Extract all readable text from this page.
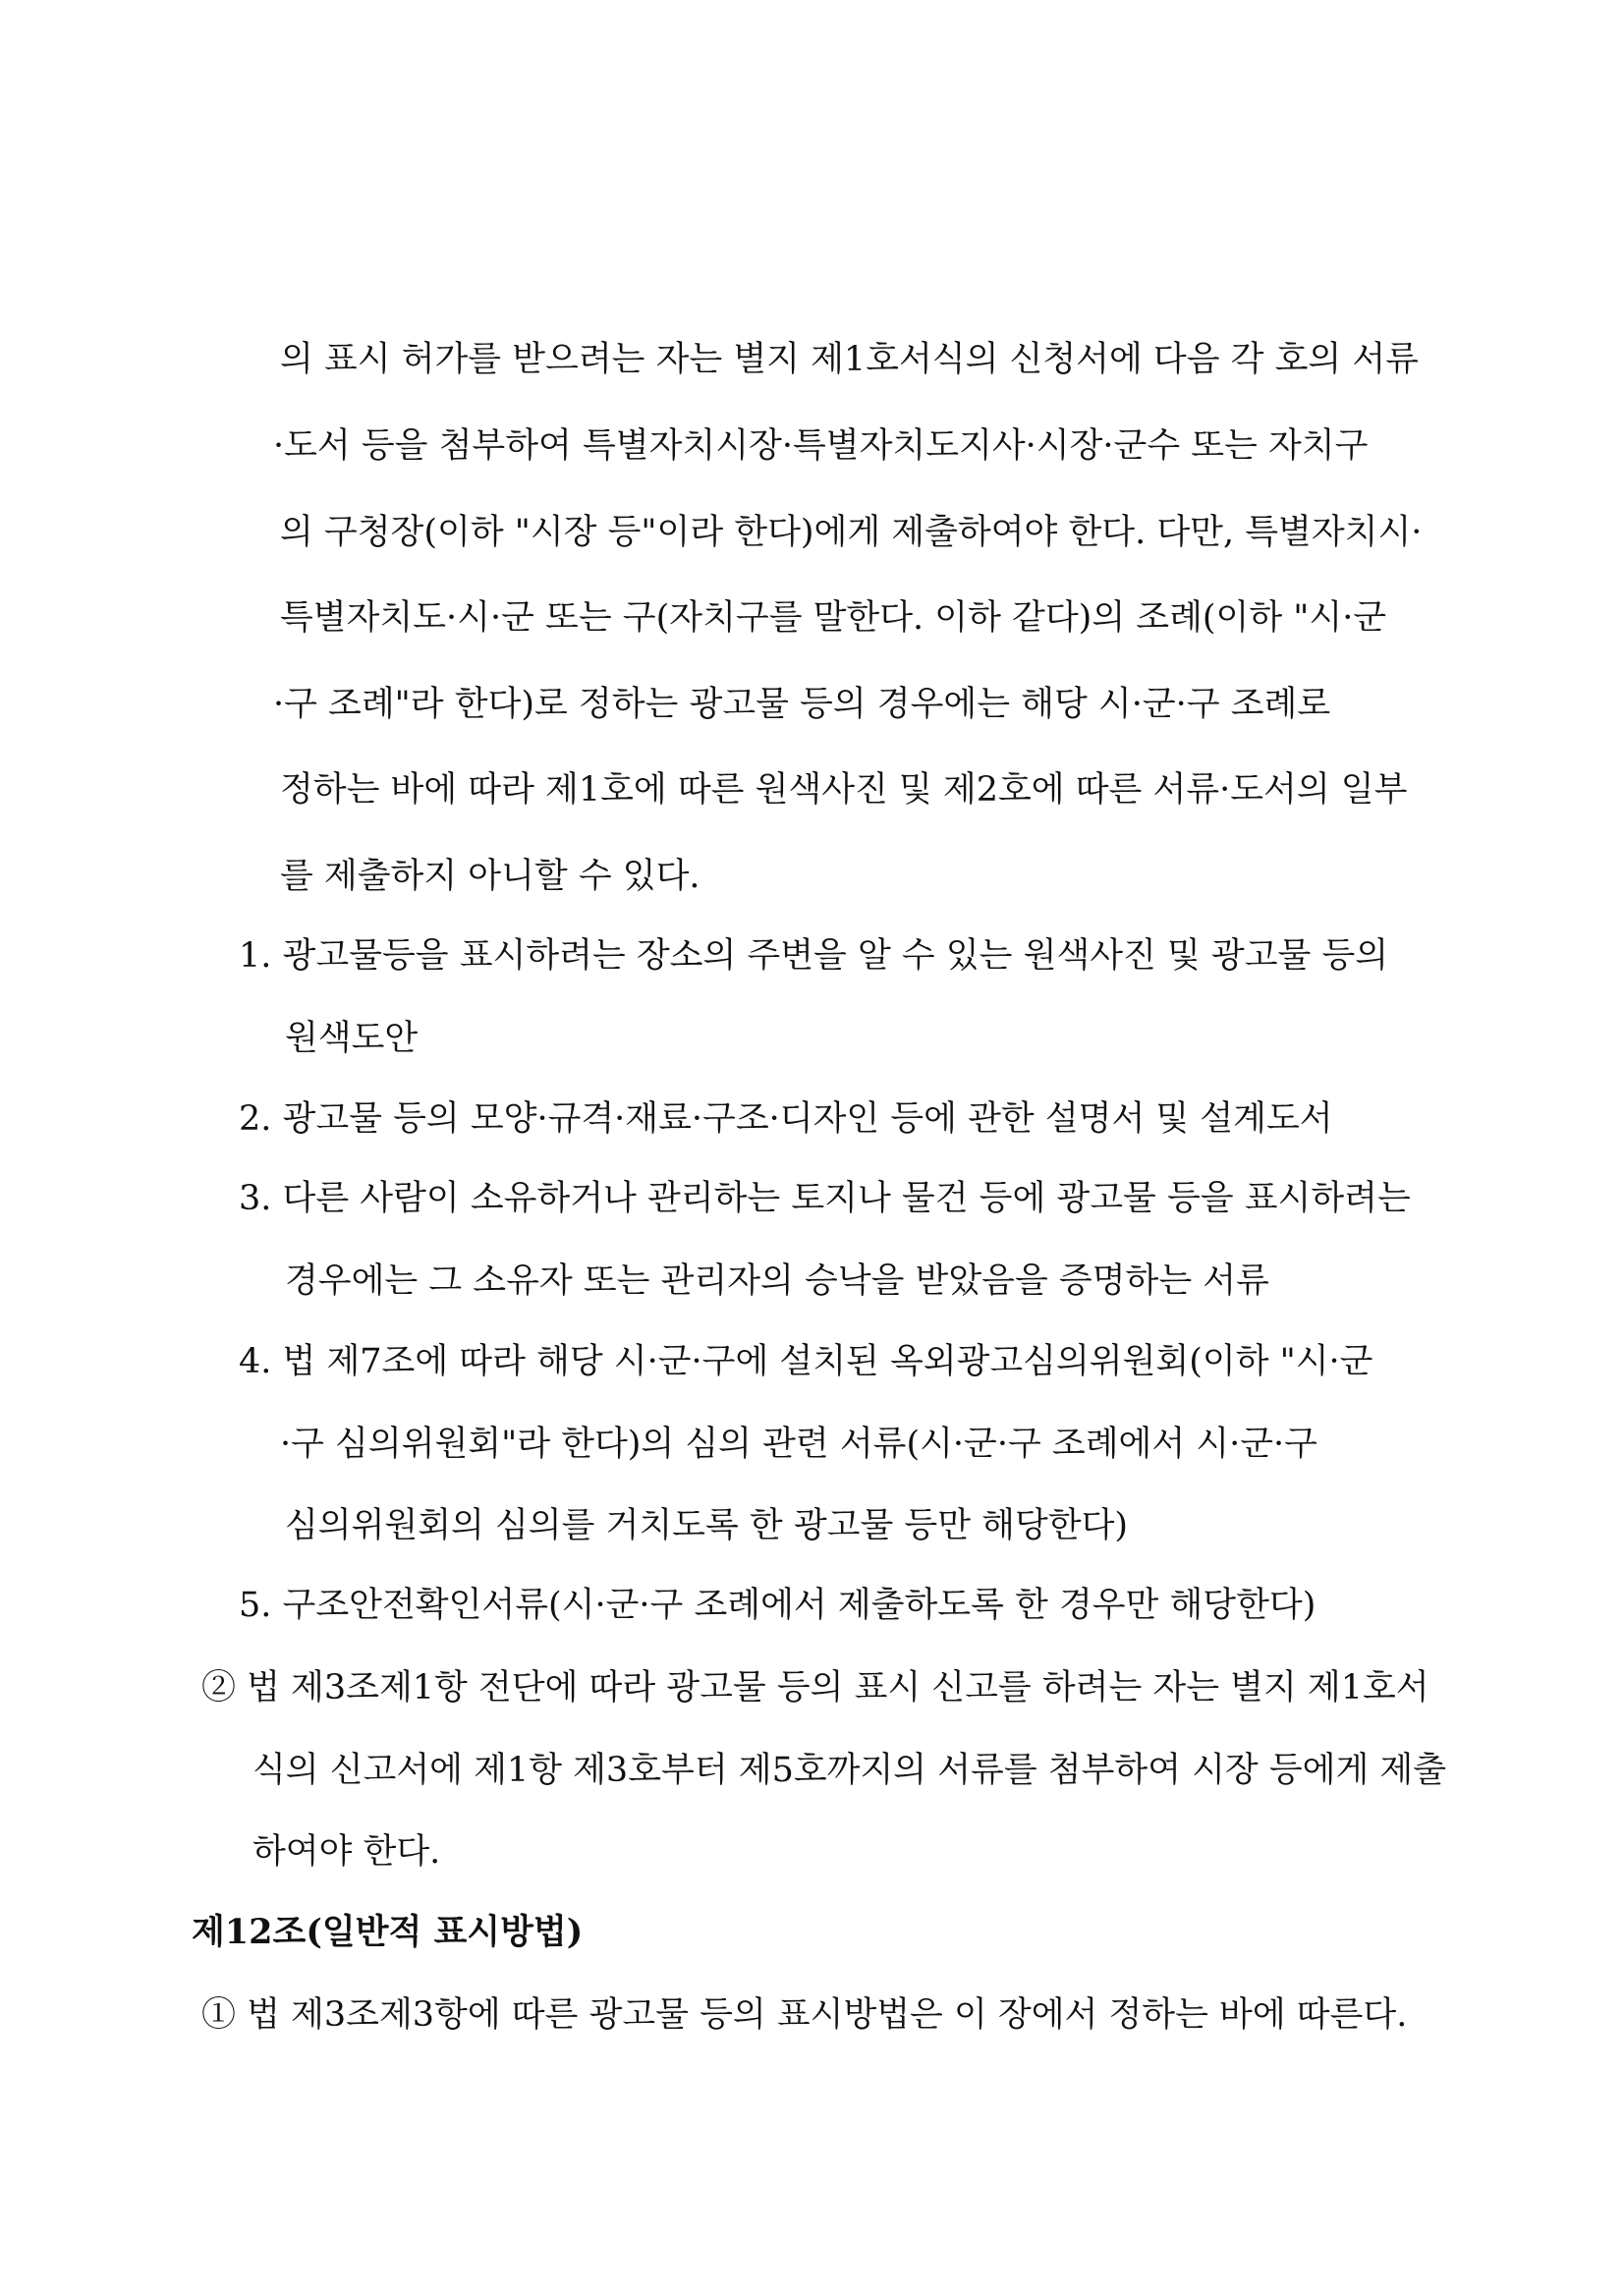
의 표시 허가를 받으려는 자는 별지 제1호서식의 신청서에 다음 각 호의 서류
·도서 등을 첨부하여 특별자치시장·특별자치도지사·시장·군수 또는 자치구
의 구청장(이하 "시장 등"이라 한다)에게 제출하여야 한다. 다만, 특별자치시·
특별자치도·시·군 또는 구(자치구를 말한다. 이하 같다)의 조례(이하 "시·군
·구 조례"라 한다)로 정하는 광고물 등의 경우에는 해당 시·군·구 조례로
정하는 바에 따라 제1호에 따른 원색사진 및 제2호에 따른 서류·도서의 일부
를 제출하지 아니할 수 있다.
1. 광고물등을 표시하려는 장소의 주변을 알 수 있는 원색사진 및 광고물 등의
원색도안
2. 광고물 등의 모양·규격·재료·구조·디자인 등에 관한 설명서 및 설계도서
3. 다른 사람이 소유하거나 관리하는 토지나 물건 등에 광고물 등을 표시하려는
경우에는 그 소유자 또는 관리자의 승낙을 받았음을 증명하는 서류
4. 법 제7조에 따라 해당 시·군·구에 설치된 옥외광고심의위원회(이하 "시·군
·구 심의위원회"라 한다)의 심의 관련 서류(시·군·구 조례에서 시·군·구
심의위원회의 심의를 거치도록 한 광고물 등만 해당한다)
5. 구조안전확인서류(시·군·구 조례에서 제출하도록 한 경우만 해당한다)
② 법 제3조제1항 전단에 따라 광고물 등의 표시 신고를 하려는 자는 별지 제1호서
식의 신고서에 제1항 제3호부터 제5호까지의 서류를 첨부하여 시장 등에게 제출
하여야 한다.
제12조(일반적 표시방법)
① 법 제3조제3항에 따른 광고물 등의 표시방법은 이 장에서 정하는 바에 따른다.
